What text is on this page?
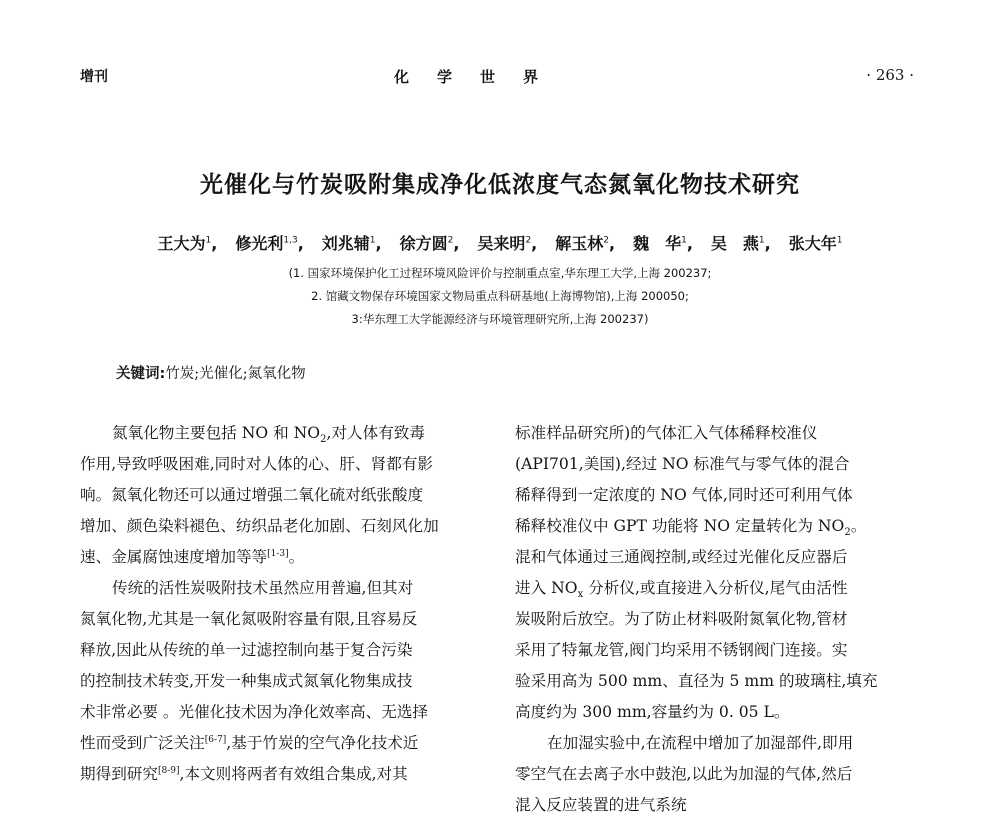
增刊	化学世界	· 263 ·
光催化与竹炭吸附集成净化低浓度气态氮氧化物技术研究
王大为$^1$, 修光利$^{1,3}$, 刘兆辅$^1$, 徐方圆$^2$, 吴来明$^2$, 解玉林$^2$, 魏　华$^1$, 吴　燕$^1$, 张大年$^1$
(1. 国家环境保护化工过程环境风险评价与控制重点室,华东理工大学,上海 200237;
2. 馆藏文物保存环境国家文物局重点科研基地(上海博物馆),上海 200050;
3:华东理工大学能源经济与环境管理研究所,上海 200237)
关键词:竹炭;光催化;氮氧化物
氮氧化物主要包括 NO 和 $NO_2$,对人体有致毒
作用,导致呼吸困难,同时对人体的心、肝、肾都有影
响。氮氧化物还可以通过增强二氧化硫对纸张酸度
增加、颜色染料褪色、纺织品老化加剧、石刻风化加
速、金属腐蚀速度增加等等[1-3]。
传统的活性炭吸附技术虽然应用普遍,但其对
氮氧化物,尤其是一氧化氮吸附容量有限,且容易反
释放,因此从传统的单一过滤控制向基于复合污染
的控制技术转变,开发一种集成式氮氧化物集成技
术非常必要 。光催化技术因为净化效率高、无选择
性而受到广泛关注[6-7],基于竹炭的空气净化技术近
期得到研究[8-9],本文则将两者有效组合集成,对其
标准样品研究所)的气体汇入气体稀释校准仪
(API701,美国),经过 NO 标准气与零气体的混合
稀释得到一定浓度的 NO 气体,同时还可利用气体
稀释校准仪中 GPT 功能将 NO 定量转化为 $NO_2$。
混和气体通过三通阀控制,或经过光催化反应器后
进入 $NO_x$ 分析仪,或直接进入分析仪,尾气由活性
炭吸附后放空。为了防止材料吸附氮氧化物,管材
采用了特氟龙管,阀门均采用不锈钢阀门连接。实
验采用高为 500 mm、直径为 5 mm 的玻璃柱,填充
高度约为 300 mm,容量约为 0. 05 L。
在加湿实验中,在流程中增加了加湿部件,即用
零空气在去离子水中鼓泡,以此为加湿的气体,然后
混入反应装置的进气系统
